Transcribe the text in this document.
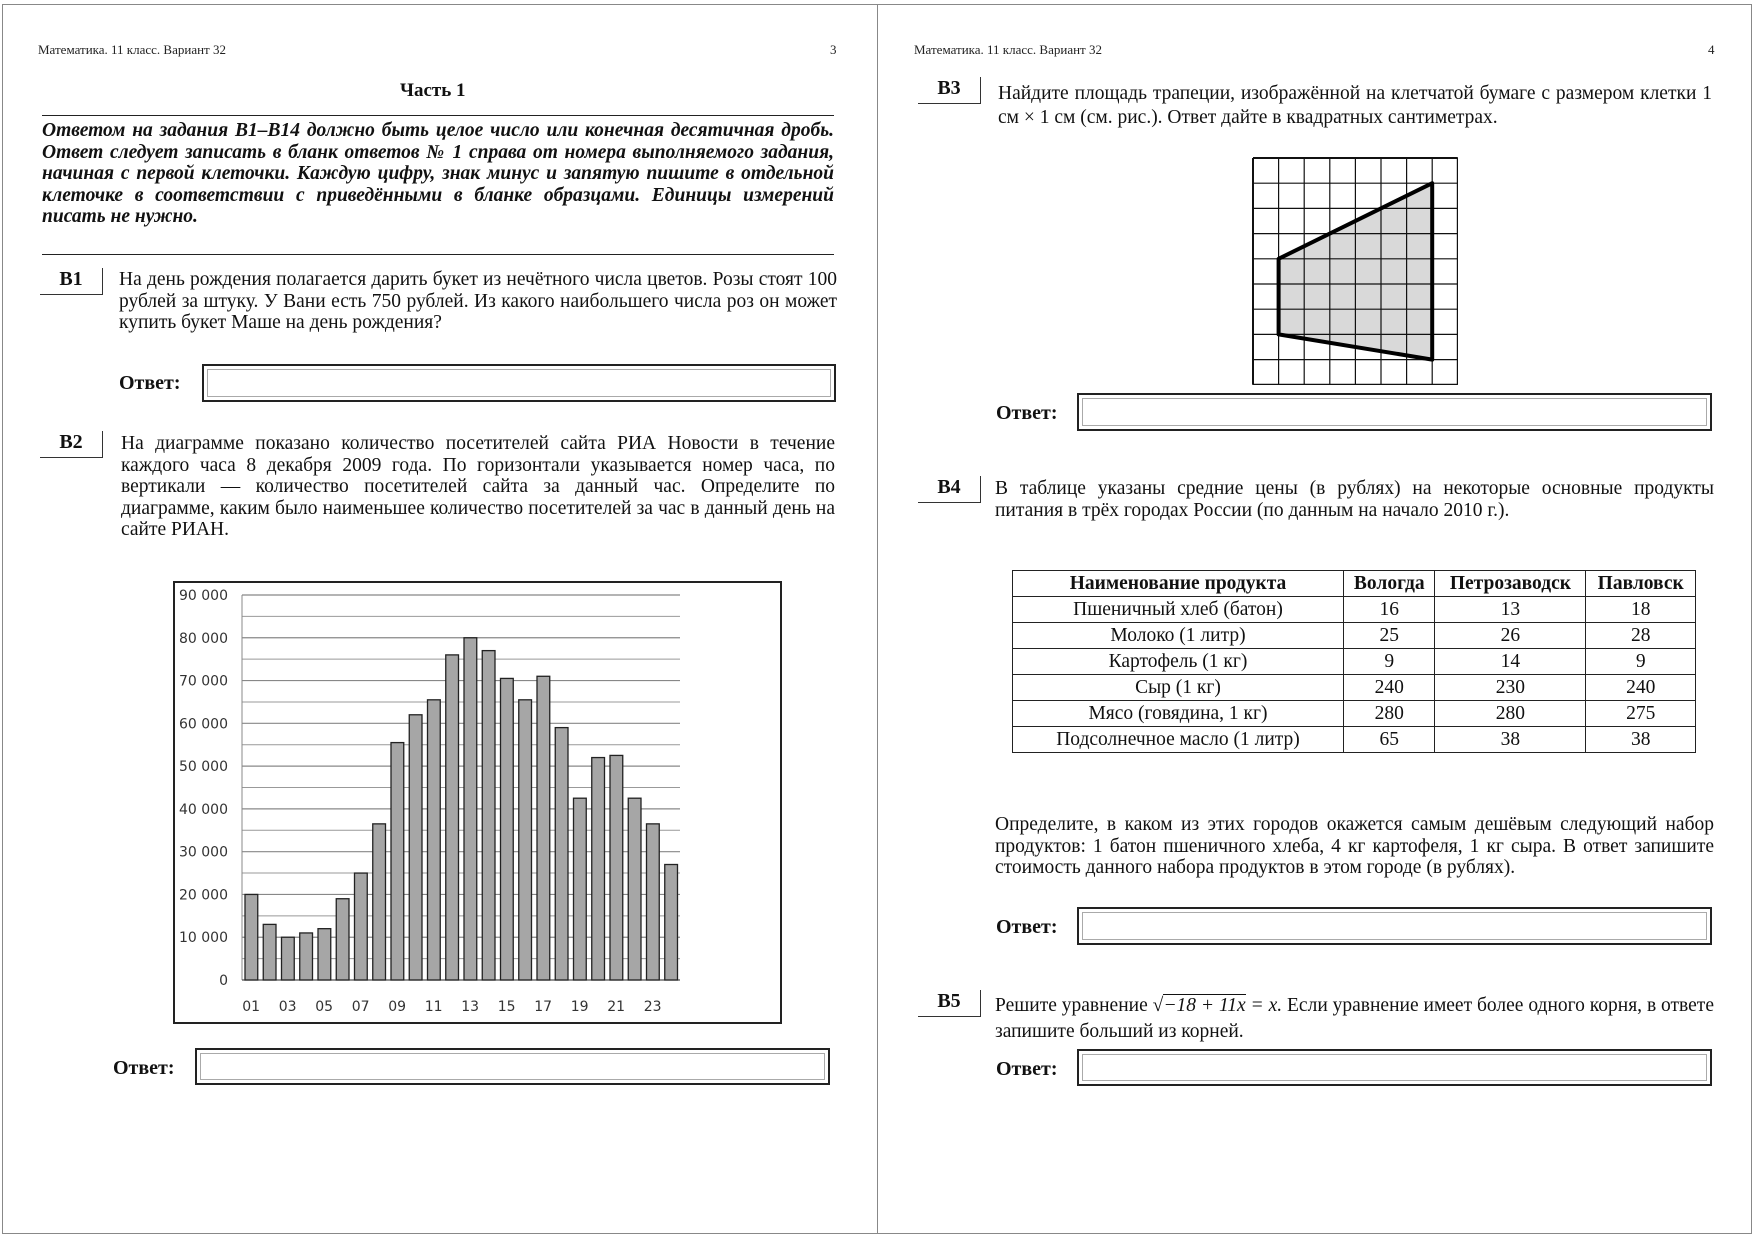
Математика. 11 класс. Вариант 32	3
Часть 1
Ответом на задания В1–В14 должно быть целое число или конечная десятичная дробь. Ответ следует записать в бланк ответов № 1 справа от номера выполняемого задания, начиная с первой клеточки. Каждую цифру, знак минус и запятую пишите в отдельной клеточке в соответствии с приведёнными в бланке образцами. Единицы измерений писать не нужно.
B1	На день рождения полагается дарить букет из нечётного числа цветов. Розы стоят 100 рублей за штуку. У Вани есть 750 рублей. Из какого наибольшего числа роз он может купить букет Маше на день рождения?
Ответ:
B2	На диаграмме показано количество посетителей сайта РИА Новости в течение каждого часа 8 декабря 2009 года. По горизонтали указывается номер часа, по вертикали — количество посетителей сайта за данный час. Определите по диаграмме, каким было наименьшее количество посетителей за час в данный день на сайте РИАН.
0
10 000
20 000
30 000
40 000
50 000
60 000
70 000
80 000
90 000
01 03 05 07 09 11 13 15 17 19 21 23
Ответ:
Математика. 11 класс. Вариант 32	4
B3	Найдите площадь трапеции, изображённой на клетчатой бумаге с размером клетки 1 см × 1 см (см. рис.). Ответ дайте в квадратных сантиметрах.
Ответ:
B4	В таблице указаны средние цены (в рублях) на некоторые основные продукты питания в трёх городах России (по данным на начало 2010 г.).
Наименование продукта	Вологда	Петрозаводск	Павловск
Пшеничный хлеб (батон)	16	13	18
Молоко (1 литр)	25	26	28
Картофель (1 кг)	9	14	9
Сыр (1 кг)	240	230	240
Мясо (говядина, 1 кг)	280	280	275
Подсолнечное масло (1 литр)	65	38	38
Определите, в каком из этих городов окажется самым дешёвым следующий набор продуктов: 1 батон пшеничного хлеба, 4 кг картофеля, 1 кг сыра. В ответ запишите стоимость данного набора продуктов в этом городе (в рублях).
Ответ:
B5	Решите уравнение √−18 + 11x = x. Если уравнение имеет более одного корня, в ответе запишите больший из корней.
Ответ:
